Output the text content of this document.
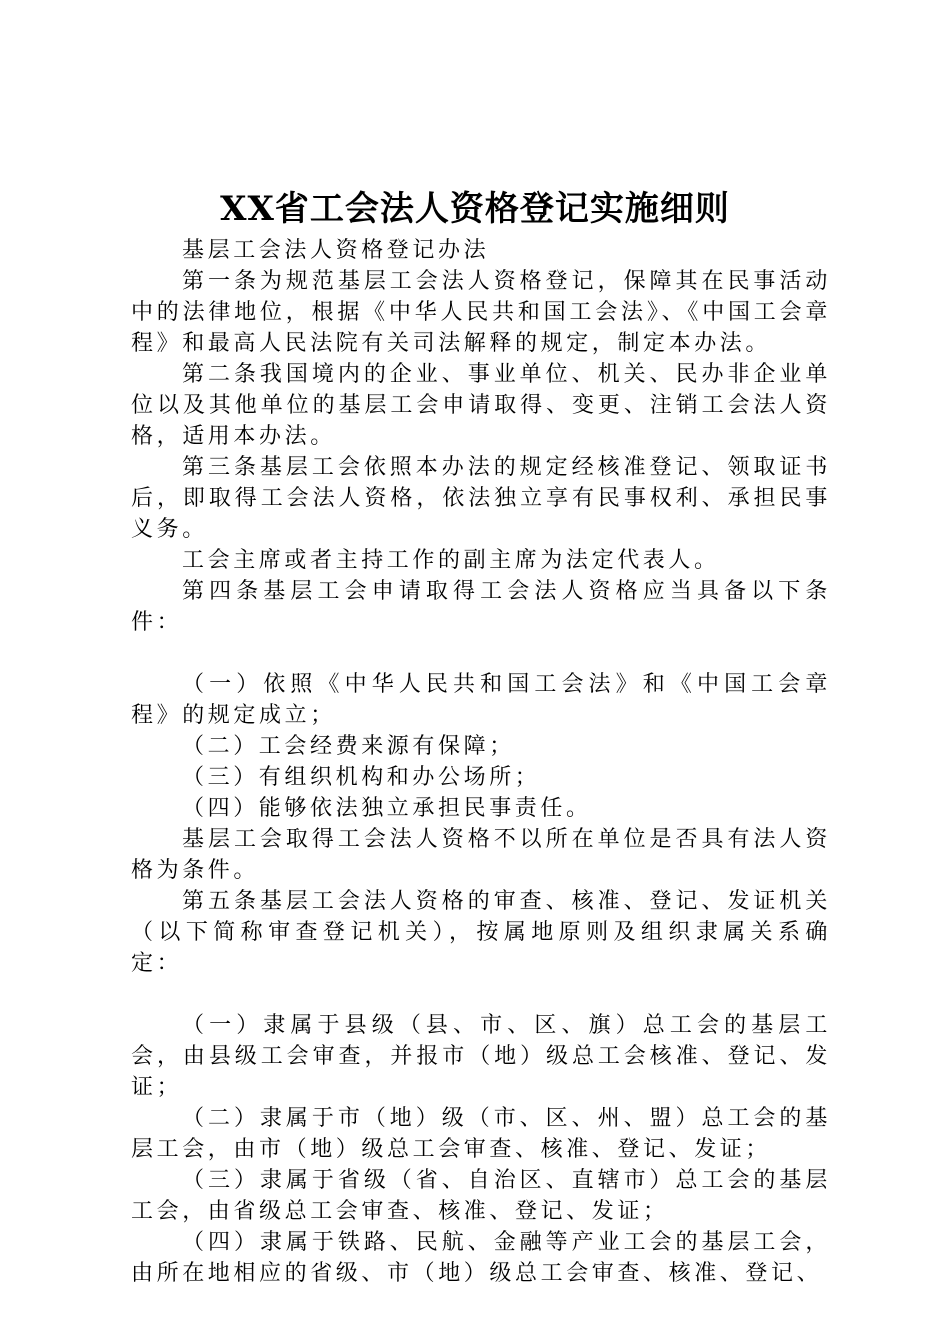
XX省工会法人资格登记实施细则

基层工会法人资格登记办法

第一条为规范基层工会法人资格登记，保障其在民事活动中的法律地位，根据《中华人民共和国工会法》、《中国工会章程》和最高人民法院有关司法解释的规定，制定本办法。

第二条我国境内的企业、事业单位、机关、民办非企业单位以及其他单位的基层工会申请取得、变更、注销工会法人资格，适用本办法。

第三条基层工会依照本办法的规定经核准登记、领取证书后，即取得工会法人资格，依法独立享有民事权利、承担民事义务。

工会主席或者主持工作的副主席为法定代表人。

第四条基层工会申请取得工会法人资格应当具备以下条件：

（一）依照《中华人民共和国工会法》和《中国工会章程》的规定成立；

（二）工会经费来源有保障；

（三）有组织机构和办公场所；

（四）能够依法独立承担民事责任。

基层工会取得工会法人资格不以所在单位是否具有法人资格为条件。

第五条基层工会法人资格的审查、核准、登记、发证机关（以下简称审查登记机关），按属地原则及组织隶属关系确定：

（一）隶属于县级（县、市、区、旗）总工会的基层工会，由县级工会审查，并报市（地）级总工会核准、登记、发证；

（二）隶属于市（地）级（市、区、州、盟）总工会的基层工会，由市（地）级总工会审查、核准、登记、发证；

（三）隶属于省级（省、自治区、直辖市）总工会的基层工会，由省级总工会审查、核准、登记、发证；

（四）隶属于铁路、民航、金融等产业工会的基层工会，由所在地相应的省级、市（地）级总工会审查、核准、登记、
